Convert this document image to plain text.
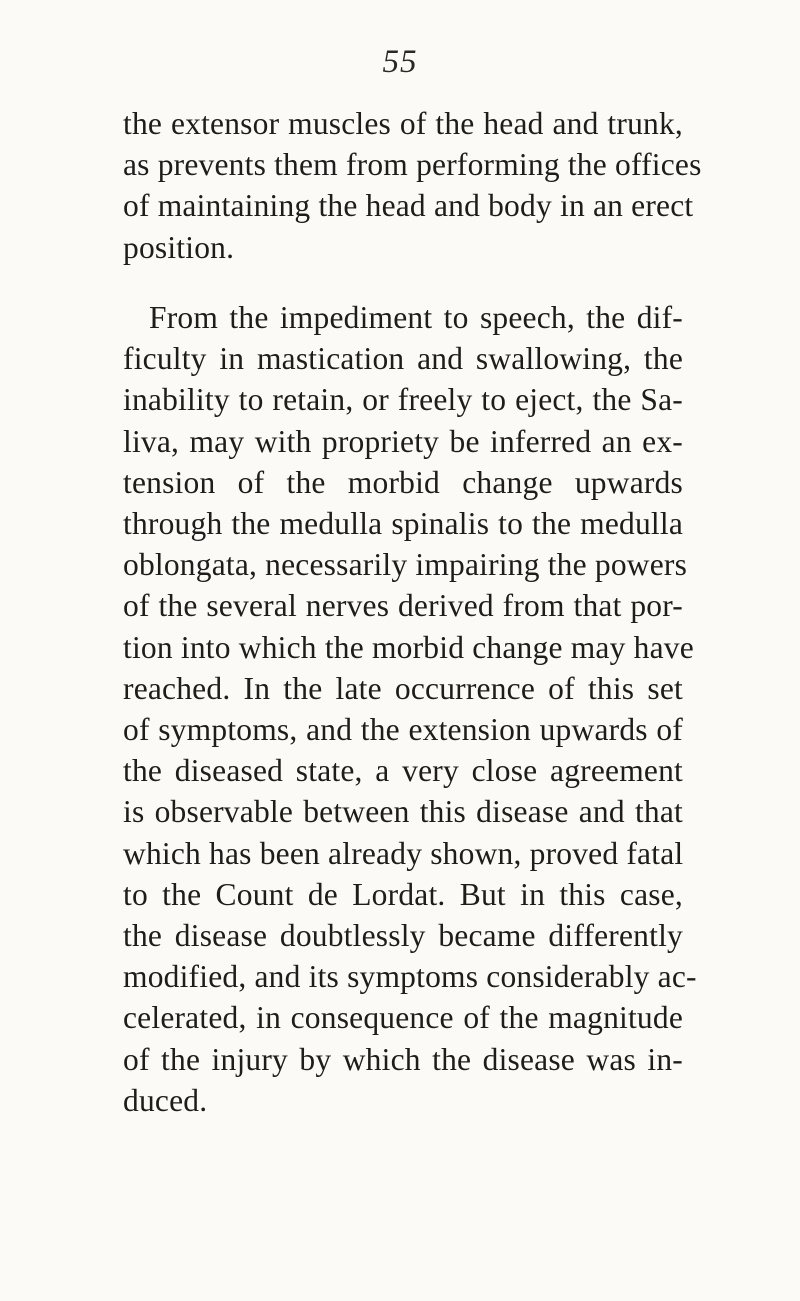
55
the extensor muscles of the head and trunk,
as prevents them from performing the offices
of maintaining the head and body in an erect
position.
From the impediment to speech, the dif-
ficulty in mastication and swallowing, the
inability to retain, or freely to eject, the Sa-
liva, may with propriety be inferred an ex-
tension of the morbid change upwards
through the medulla spinalis to the medulla
oblongata, necessarily impairing the powers
of the several nerves derived from that por-
tion into which the morbid change may have
reached. In the late occurrence of this set
of symptoms, and the extension upwards of
the diseased state, a very close agreement
is observable between this disease and that
which has been already shown, proved fatal
to the Count de Lordat. But in this case,
the disease doubtlessly became differently
modified, and its symptoms considerably ac-
celerated, in consequence of the magnitude
of the injury by which the disease was in-
duced.
